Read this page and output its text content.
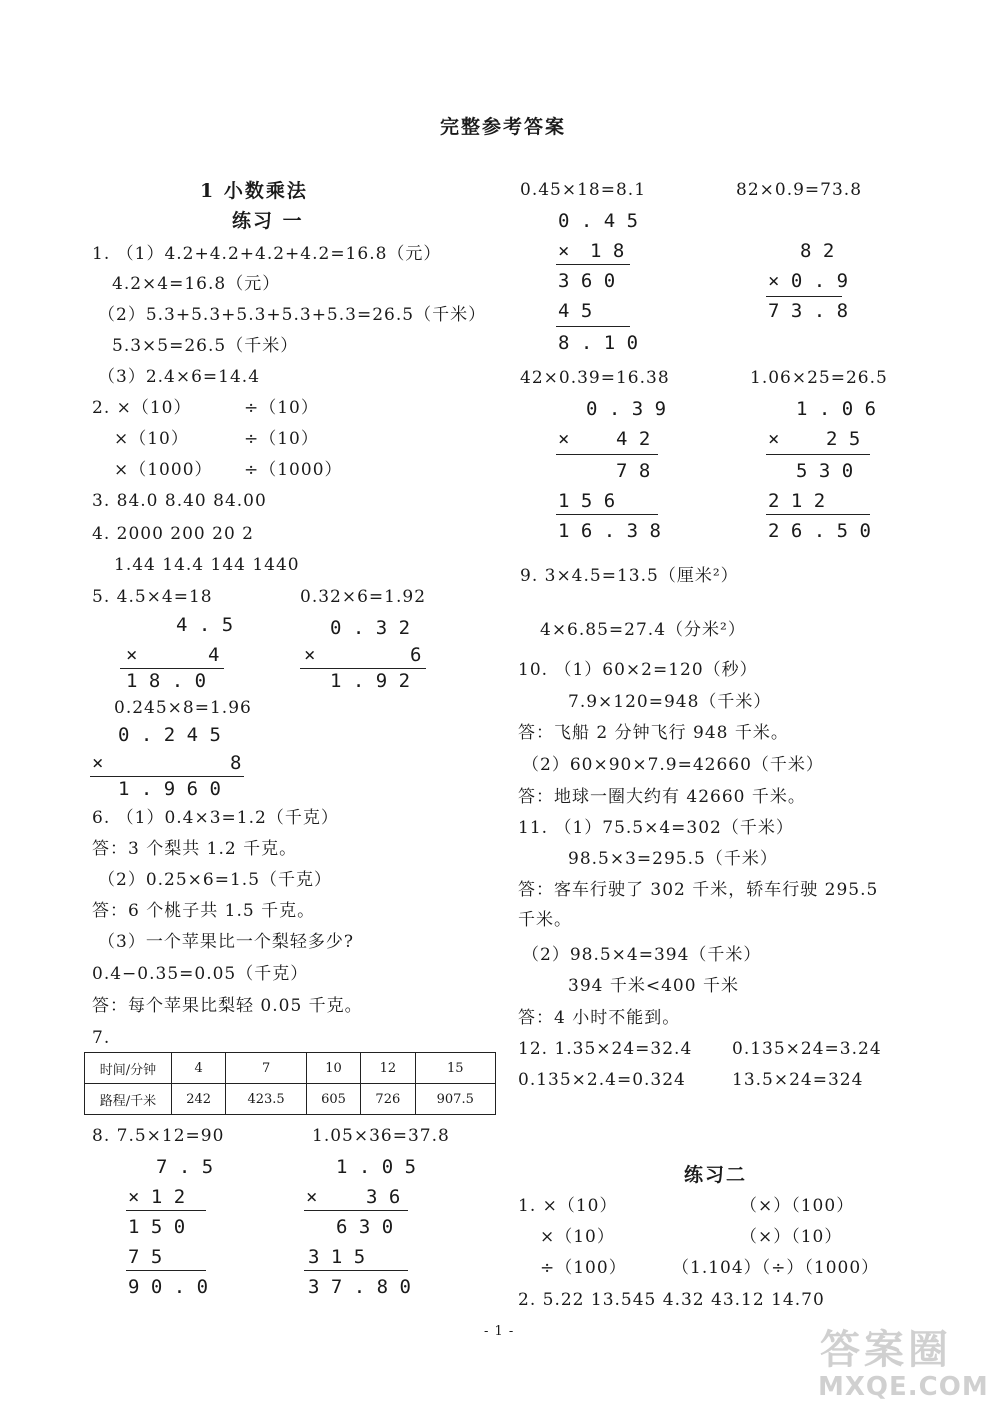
完整参考答案
1 小数乘法
练习 一
1. （1）4.2+4.2+4.2+4.2=16.8（元）
4.2×4=16.8（元）
（2）5.3+5.3+5.3+5.3+5.3=26.5（千米）
5.3×5=26.5（千米）
（3）2.4×6=14.4
2. ×（10）	÷（10）
×（10）	÷（10）
×（1000） ÷（1000）
3. 84.0 8.40 84.00
4. 2000 200 20 2
1.44 14.4 144 1440
5. 4.5×4=18	0.32×6=1.92
4 . 5
×	4
1 8 . 0
0 . 3 2
×	6
1 . 9 2
0.245×8=1.96
0 . 2 4 5
×	8
1 . 9 6 0
6. （1）0.4×3=1.2（千克）
答：3 个梨共 1.2 千克。
（2）0.25×6=1.5（千克）
答：6 个桃子共 1.5 千克。
（3）一个苹果比一个梨轻多少?
0.4−0.35=0.05（千克）
答：每个苹果比梨轻 0.05 千克。
7.
时间/分钟	4	7	10	12	15
路程/千米	242	423.5	605	726	907.5
8. 7.5×12=90	1.05×36=37.8
7 . 5
× 1 2
1 5 0
7 5
9 0 . 0
1 . 0 5
×	3 6
6 3 0
3 1 5
3 7 . 8 0
0.45×18=8.1	82×0.9=73.8
0 . 4 5
× 1 8
3 6 0
4 5
8 . 1 0
8 2
× 0 . 9
7 3 . 8
42×0.39=16.38	1.06×25=26.5
0 . 3 9
× 4 2
7 8
1 5 6
1 6 . 3 8
1 . 0 6
× 2 5
5 3 0
2 1 2
2 6 . 5 0
9. 3×4.5=13.5（厘米²）
4×6.85=27.4（分米²）
10. （1）60×2=120（秒）
7.9×120=948（千米）
答：飞船 2 分钟飞行 948 千米。
（2）60×90×7.9=42660（千米）
答：地球一圈大约有 42660 千米。
11. （1）75.5×4=302（千米）
98.5×3=295.5（千米）
答：客车行驶了 302 千米，轿车行驶 295.5
千米。
（2）98.5×4=394（千米）
394 千米<400 千米
答：4 小时不能到。
12. 1.35×24=32.4 0.135×24=3.24
0.135×2.4=0.324	13.5×24=324
练习二
1. ×（10）	（×）（100）
×（10）	（×）（10）
÷（100）	（1.104）（÷）（1000）
2. 5.22 13.545 4.32 43.12 14.70
- 1 -	答案圈
MXQE.COM
